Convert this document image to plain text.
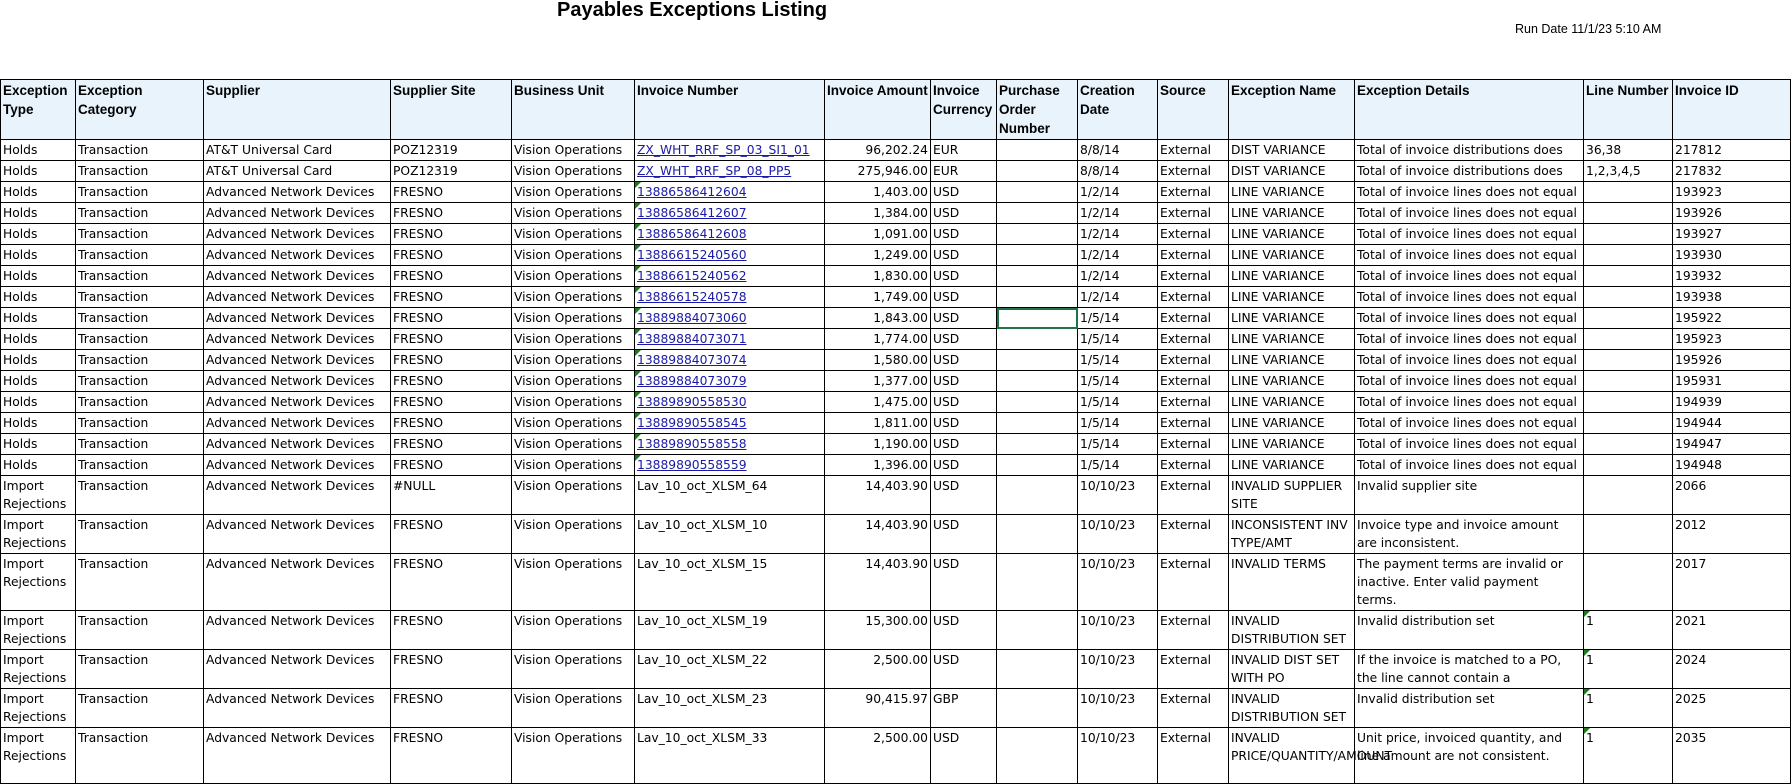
Payables Exceptions Listing
Run Date 11/1/23 5:10 AM
Exception Type	Exception Category	Supplier	Supplier Site	Business Unit	Invoice Number	Invoice Amount	Invoice Currency	Purchase Order Number	Creation Date	Source	Exception Name	Exception Details	Line Number	Invoice ID
Holds	Transaction	AT&T Universal Card	POZ12319	Vision Operations	ZX_WHT_RRF_SP_03_SI1_01	96,202.24	EUR		8/8/14	External	DIST VARIANCE	Total of invoice distributions does	36,38	217812
Holds	Transaction	AT&T Universal Card	POZ12319	Vision Operations	ZX_WHT_RRF_SP_08_PP5	275,946.00	EUR		8/8/14	External	DIST VARIANCE	Total of invoice distributions does	1,2,3,4,5	217832
Holds	Transaction	Advanced Network Devices	FRESNO	Vision Operations	13886586412604	1,403.00	USD		1/2/14	External	LINE VARIANCE	Total of invoice lines does not equal		193923
Holds	Transaction	Advanced Network Devices	FRESNO	Vision Operations	13886586412607	1,384.00	USD		1/2/14	External	LINE VARIANCE	Total of invoice lines does not equal		193926
Holds	Transaction	Advanced Network Devices	FRESNO	Vision Operations	13886586412608	1,091.00	USD		1/2/14	External	LINE VARIANCE	Total of invoice lines does not equal		193927
Holds	Transaction	Advanced Network Devices	FRESNO	Vision Operations	13886615240560	1,249.00	USD		1/2/14	External	LINE VARIANCE	Total of invoice lines does not equal		193930
Holds	Transaction	Advanced Network Devices	FRESNO	Vision Operations	13886615240562	1,830.00	USD		1/2/14	External	LINE VARIANCE	Total of invoice lines does not equal		193932
Holds	Transaction	Advanced Network Devices	FRESNO	Vision Operations	13886615240578	1,749.00	USD		1/2/14	External	LINE VARIANCE	Total of invoice lines does not equal		193938
Holds	Transaction	Advanced Network Devices	FRESNO	Vision Operations	13889884073060	1,843.00	USD		1/5/14	External	LINE VARIANCE	Total of invoice lines does not equal		195922
Holds	Transaction	Advanced Network Devices	FRESNO	Vision Operations	13889884073071	1,774.00	USD		1/5/14	External	LINE VARIANCE	Total of invoice lines does not equal		195923
Holds	Transaction	Advanced Network Devices	FRESNO	Vision Operations	13889884073074	1,580.00	USD		1/5/14	External	LINE VARIANCE	Total of invoice lines does not equal		195926
Holds	Transaction	Advanced Network Devices	FRESNO	Vision Operations	13889884073079	1,377.00	USD		1/5/14	External	LINE VARIANCE	Total of invoice lines does not equal		195931
Holds	Transaction	Advanced Network Devices	FRESNO	Vision Operations	13889890558530	1,475.00	USD		1/5/14	External	LINE VARIANCE	Total of invoice lines does not equal		194939
Holds	Transaction	Advanced Network Devices	FRESNO	Vision Operations	13889890558545	1,811.00	USD		1/5/14	External	LINE VARIANCE	Total of invoice lines does not equal		194944
Holds	Transaction	Advanced Network Devices	FRESNO	Vision Operations	13889890558558	1,190.00	USD		1/5/14	External	LINE VARIANCE	Total of invoice lines does not equal		194947
Holds	Transaction	Advanced Network Devices	FRESNO	Vision Operations	13889890558559	1,396.00	USD		1/5/14	External	LINE VARIANCE	Total of invoice lines does not equal		194948
Import Rejections	Transaction	Advanced Network Devices	#NULL	Vision Operations	Lav_10_oct_XLSM_64	14,403.90	USD		10/10/23	External	INVALID SUPPLIER SITE	Invalid supplier site		2066
Import Rejections	Transaction	Advanced Network Devices	FRESNO	Vision Operations	Lav_10_oct_XLSM_10	14,403.90	USD		10/10/23	External	INCONSISTENT INV TYPE/AMT	Invoice type and invoice amount are inconsistent.		2012
Import Rejections	Transaction	Advanced Network Devices	FRESNO	Vision Operations	Lav_10_oct_XLSM_15	14,403.90	USD		10/10/23	External	INVALID TERMS	The payment terms are invalid or inactive. Enter valid payment terms.		2017
Import Rejections	Transaction	Advanced Network Devices	FRESNO	Vision Operations	Lav_10_oct_XLSM_19	15,300.00	USD		10/10/23	External	INVALID DISTRIBUTION SET	Invalid distribution set	1	2021
Import Rejections	Transaction	Advanced Network Devices	FRESNO	Vision Operations	Lav_10_oct_XLSM_22	2,500.00	USD		10/10/23	External	INVALID DIST SET WITH PO	If the invoice is matched to a PO, the line cannot contain a	1	2024
Import Rejections	Transaction	Advanced Network Devices	FRESNO	Vision Operations	Lav_10_oct_XLSM_23	90,415.97	GBP		10/10/23	External	INVALID DISTRIBUTION SET	Invalid distribution set	1	2025
Import Rejections	Transaction	Advanced Network Devices	FRESNO	Vision Operations	Lav_10_oct_XLSM_33	2,500.00	USD		10/10/23	External	INVALID PRICE/QUANTITY/AMOUNT	Unit price, invoiced quantity, and line amount are not consistent.	1	2035
